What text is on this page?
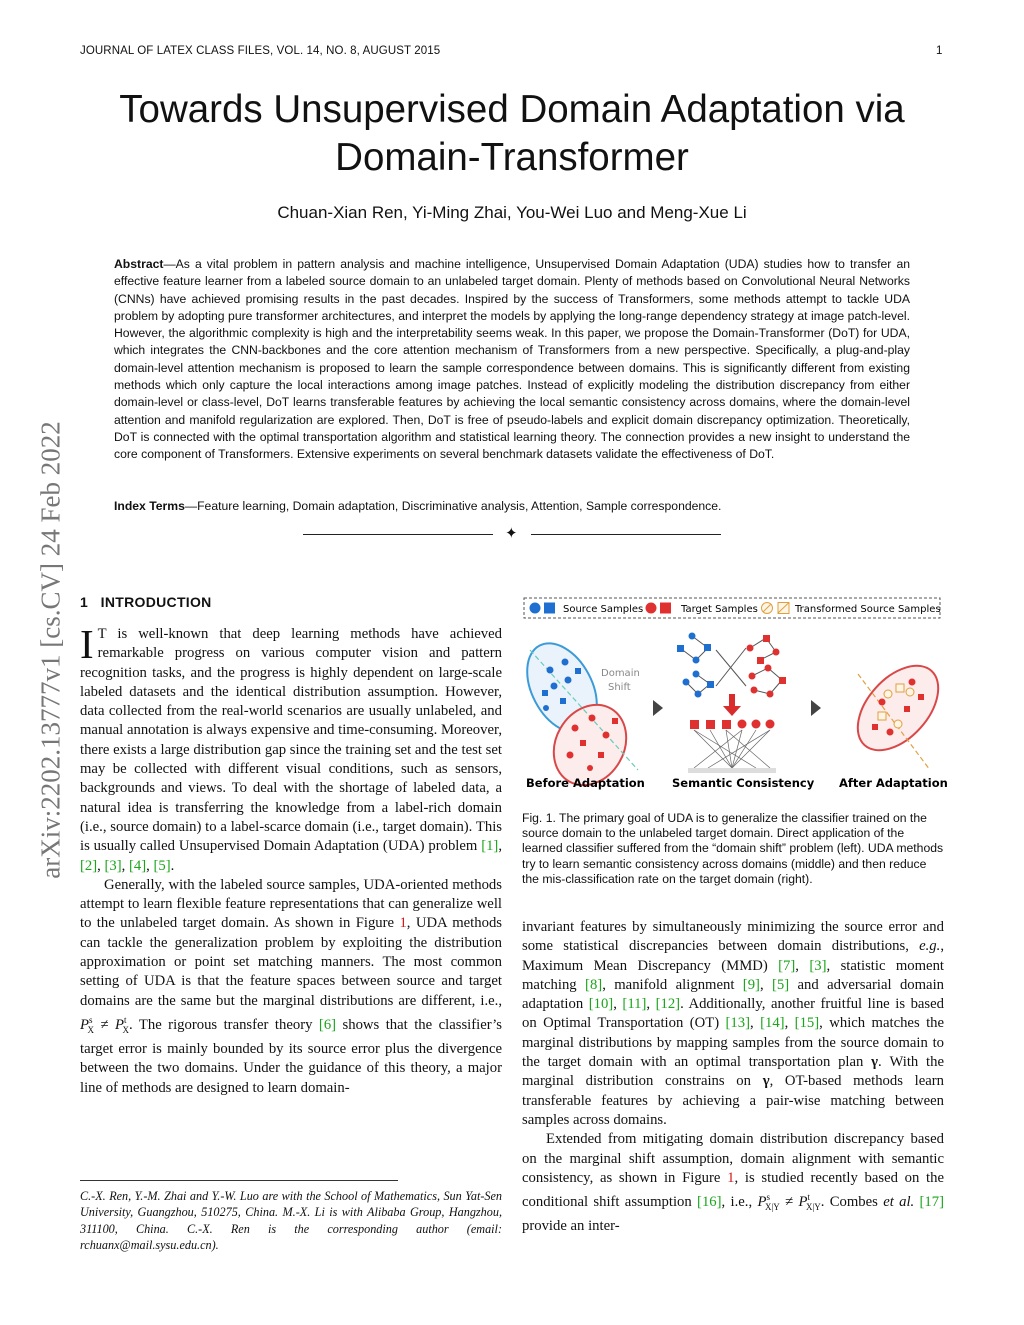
JOURNAL OF LATEX CLASS FILES, VOL. 14, NO. 8, AUGUST 2015	1
Towards Unsupervised Domain Adaptation via
Domain-Transformer
Chuan-Xian Ren, Yi-Ming Zhai, You-Wei Luo and Meng-Xue Li
Abstract—As a vital problem in pattern analysis and machine intelligence, Unsupervised Domain Adaptation (UDA) studies how to transfer an effective feature learner from a labeled source domain to an unlabeled target domain. Plenty of methods based on Convolutional Neural Networks (CNNs) have achieved promising results in the past decades. Inspired by the success of Transformers, some methods attempt to tackle UDA problem by adopting pure transformer architectures, and interpret the models by applying the long-range dependency strategy at image patch-level. However, the algorithmic complexity is high and the interpretability seems weak. In this paper, we propose the Domain-Transformer (DoT) for UDA, which integrates the CNN-backbones and the core attention mechanism of Transformers from a new perspective. Specifically, a plug-and-play domain-level attention mechanism is proposed to learn the sample correspondence between domains. This is significantly different from existing methods which only capture the local interactions among image patches. Instead of explicitly modeling the distribution discrepancy from either domain-level or class-level, DoT learns transferable features by achieving the local semantic consistency across domains, where the domain-level attention and manifold regularization are explored. Then, DoT is free of pseudo-labels and explicit domain discrepancy optimization. Theoretically, DoT is connected with the optimal transportation algorithm and statistical learning theory. The connection provides a new insight to understand the core component of Transformers. Extensive experiments on several benchmark datasets validate the effectiveness of DoT.
Index Terms—Feature learning, Domain adaptation, Discriminative analysis, Attention, Sample correspondence.
✦
arXiv:2202.13777v1 [cs.CV] 24 Feb 2022 1 INTRODUCTION

I T is well-known that deep learning methods have achieved remarkable progress on various computer vision and pattern recognition tasks, and the progress is highly dependent on large-scale labeled datasets and the identical distribution assumption. However, data collected from the real-world scenarios are usually unlabeled, and manual annotation is always expensive and time-consuming. Moreover, there exists a large distribution gap since the training set and the test set may be collected with different visual conditions, such as sensors, backgrounds and views. To deal with the shortage of labeled data, a natural idea is transferring the knowledge from a label-rich domain (i.e., source domain) to a label-scarce domain (i.e., target domain). This is usually called Unsupervised Domain Adaptation (UDA) problem [1], [2], [3], [4], [5].

Generally, with the labeled source samples, UDA-oriented methods attempt to learn flexible feature representations that can generalize well to the unlabeled target domain. As shown in Figure 1, UDA methods can tackle the generalization problem by exploiting the distribution approximation or point set matching manners. The most common setting of UDA is that the feature spaces between source and target domains are the same but the marginal distributions are different, i.e., $P^s_X \ne P^t_X$. The rigorous transfer theory [6] shows that the classifier’s target error is mainly bounded by its source error plus the divergence between the two domains. Under the guidance of this theory, a major line of methods are designed to learn domain-

C.-X. Ren, Y.-M. Zhai and Y.-W. Luo are with the School of Mathematics, Sun Yat-Sen University, Guangzhou, 510275, China. M.-X. Li is with Alibaba Group, Hangzhou, 311100, China. C.-X. Ren is the corresponding author (email: rchuanx@mail.sysu.edu.cn).
Source Samples	Target Samples	Transformed Source Samples
Domain
Shift
Before Adaptation Semantic Consistency After Adaptation
Fig. 1. The primary goal of UDA is to generalize the classifier trained on the source domain to the unlabeled target domain. Direct application of the learned classifier suffered from the “domain shift” problem (left). UDA methods try to learn semantic consistency across domains (middle) and then reduce the mis-classification rate on the target domain (right).

invariant features by simultaneously minimizing the source error and some statistical discrepancies between domain distributions, e.g., Maximum Mean Discrepancy (MMD) [7], [3], statistic moment matching [8], manifold alignment [9], [5] and adversarial domain adaptation [10], [11], [12]. Additionally, another fruitful line is based on Optimal Transportation (OT) [13], [14], [15], which matches the marginal distributions by mapping samples from the source domain to the target domain with an optimal transportation plan γ. With the marginal distribution constrains on γ, OT-based methods learn transferable features by achieving a pair-wise matching between samples across domains.

Extended from mitigating domain distribution discrepancy based on the marginal shift assumption, domain alignment with semantic consistency, as shown in Figure 1, is studied recently based on the conditional shift assumption [16], i.e., $P^s_{X|Y} \ne P^t_{X|Y}$. Combes et al. [17] provide an inter-
